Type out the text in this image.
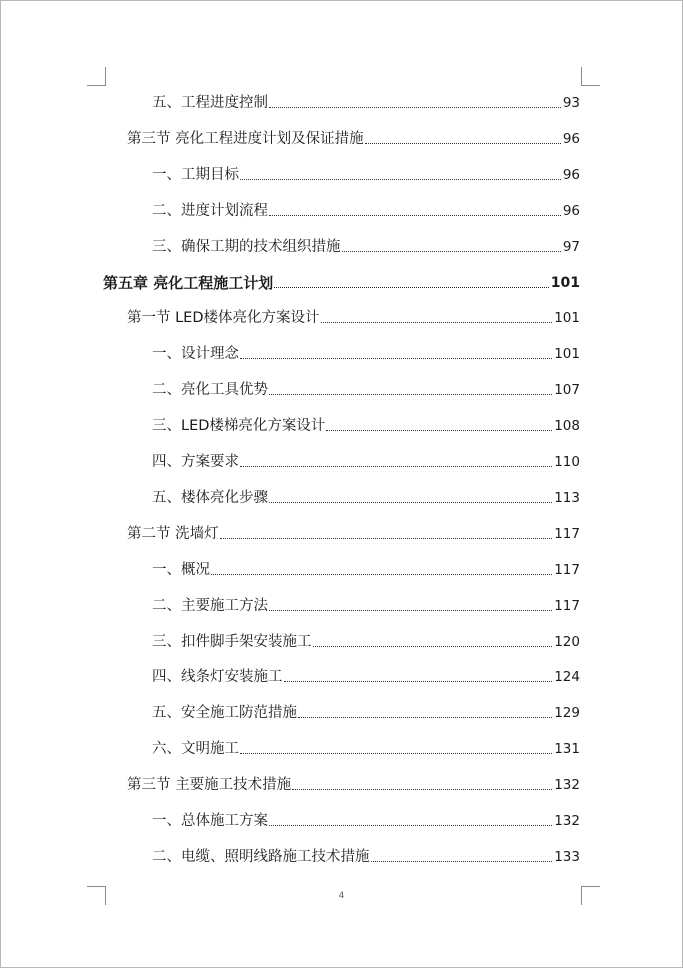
五、工程进度控制	93
第三节 亮化工程进度计划及保证措施	96
一、工期目标	96
二、进度计划流程	96
三、确保工期的技术组织措施	97
第五章 亮化工程施工计划	101
第一节 LED楼体亮化方案设计	101
一、设计理念	101
二、亮化工具优势	107
三、LED楼梯亮化方案设计	108
四、方案要求	110
五、楼体亮化步骤	113
第二节 洗墙灯	117
一、概况	117
二、主要施工方法	117
三、扣件脚手架安装施工	120
四、线条灯安装施工	124
五、安全施工防范措施	129
六、文明施工	131
第三节 主要施工技术措施	132
一、总体施工方案	132
二、电缆、照明线路施工技术措施	133
4
